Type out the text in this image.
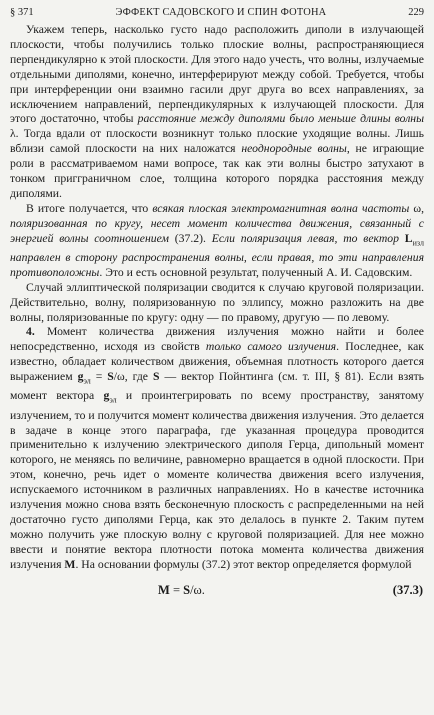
§ 371	ЭФФЕКТ САДОВСКОГО И СПИН ФОТОНА	229

Укажем теперь, насколько густо надо расположить диполи в излучающей плоскости, чтобы получились только плоские волны, распространяющиеся перпендикулярно к этой плоскости. Для этого надо учесть, что волны, излучаемые отдельными диполями, конечно, интерферируют между собой. Требуется, чтобы при интерференции они взаимно гасили друг друга во всех направлениях, за исключением направлений, перпендикулярных к излучающей плоскости. Для этого достаточно, чтобы расстояние между диполями было меньше длины волны λ. Тогда вдали от плоскости возникнут только плоские уходящие волны. Лишь вблизи самой плоскости на них наложатся неоднородные волны, не играющие роли в рассматриваемом нами вопросе, так как эти волны быстро затухают в тонком пригграничном слое, толщина которого порядка расстояния между диполями.

В итоге получается, что всякая плоская электромагнитная волна частоты ω, поляризованная по кругу, несет момент количества движения, связанный с энергией волны соотношением (37.2). Если поляризация левая, то вектор $L_{изл}$ направлен в сторону распространения волны, если правая, то эти направления противоположны. Это и есть основной результат, полученный А. И. Садовским.

Случай эллиптической поляризации сводится к случаю круговой поляризации. Действительно, волну, поляризованную по эллипсу, можно разложить на две волны, поляризованные по кругу: одну — по правому, другую — по левому.

4. Момент количества движения излучения можно найти и более непосредственно, исходя из свойств только самого излучения. Последнее, как известно, обладает количеством движения, объемная плотность которого дается выражением $g_{эл} = S/\omega$, где S — вектор Пойнтинга (см. т. III, § 81). Если взять момент вектора $g_{эл}$ и проинтегрировать по всему пространству, занятому излучением, то и получится момент количества движения излучения. Это делается в задаче в конце этого параграфа, где указанная процедура проводится применительно к излучению электрического диполя Герца, дипольный момент которого, не меняясь по величине, равномерно вращается в одной плоскости. При этом, конечно, речь идет о моменте количества движения всего излучения, испускаемого источником в различных направлениях. Но в качестве источника излучения можно снова взять бесконечную плоскость с распределенными на ней достаточно густо диполями Герца, как это делалось в пункте 2. Таким путем можно получить уже плоскую волну с круговой поляризацией. Для нее можно ввести и понятие вектора плотности потока момента количества движения излучения M. На основании формулы (37.2) этот вектор определяется формулой

M = S/ω.	(37.3)
